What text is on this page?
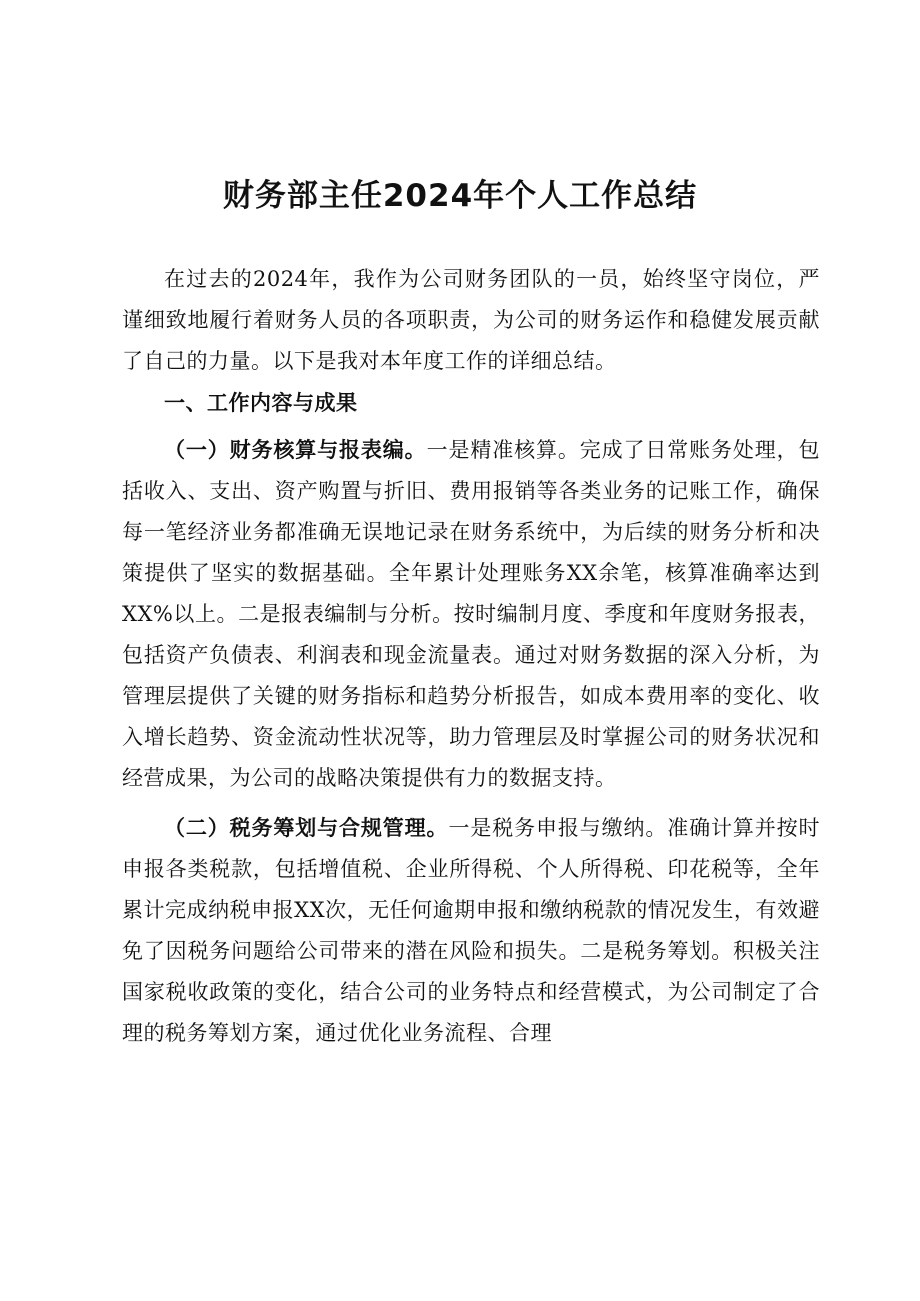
财务部主任2024年个人工作总结

在过去的2024年，我作为公司财务团队的一员，始终坚守岗位，严谨细致地履行着财务人员的各项职责，为公司的财务运作和稳健发展贡献了自己的力量。以下是我对本年度工作的详细总结。

一、工作内容与成果

（一）财务核算与报表编。一是精准核算。完成了日常账务处理，包括收入、支出、资产购置与折旧、费用报销等各类业务的记账工作，确保每一笔经济业务都准确无误地记录在财务系统中，为后续的财务分析和决策提供了坚实的数据基础。全年累计处理账务XX余笔，核算准确率达到XX%以上。二是报表编制与分析。按时编制月度、季度和年度财务报表，包括资产负债表、利润表和现金流量表。通过对财务数据的深入分析，为管理层提供了关键的财务指标和趋势分析报告，如成本费用率的变化、收入增长趋势、资金流动性状况等，助力管理层及时掌握公司的财务状况和经营成果，为公司的战略决策提供有力的数据支持。

（二）税务筹划与合规管理。一是税务申报与缴纳。准确计算并按时申报各类税款，包括增值税、企业所得税、个人所得税、印花税等，全年累计完成纳税申报XX次，无任何逾期申报和缴纳税款的情况发生，有效避免了因税务问题给公司带来的潜在风险和损失。二是税务筹划。积极关注国家税收政策的变化，结合公司的业务特点和经营模式，为公司制定了合理的税务筹划方案，通过优化业务流程、合理
